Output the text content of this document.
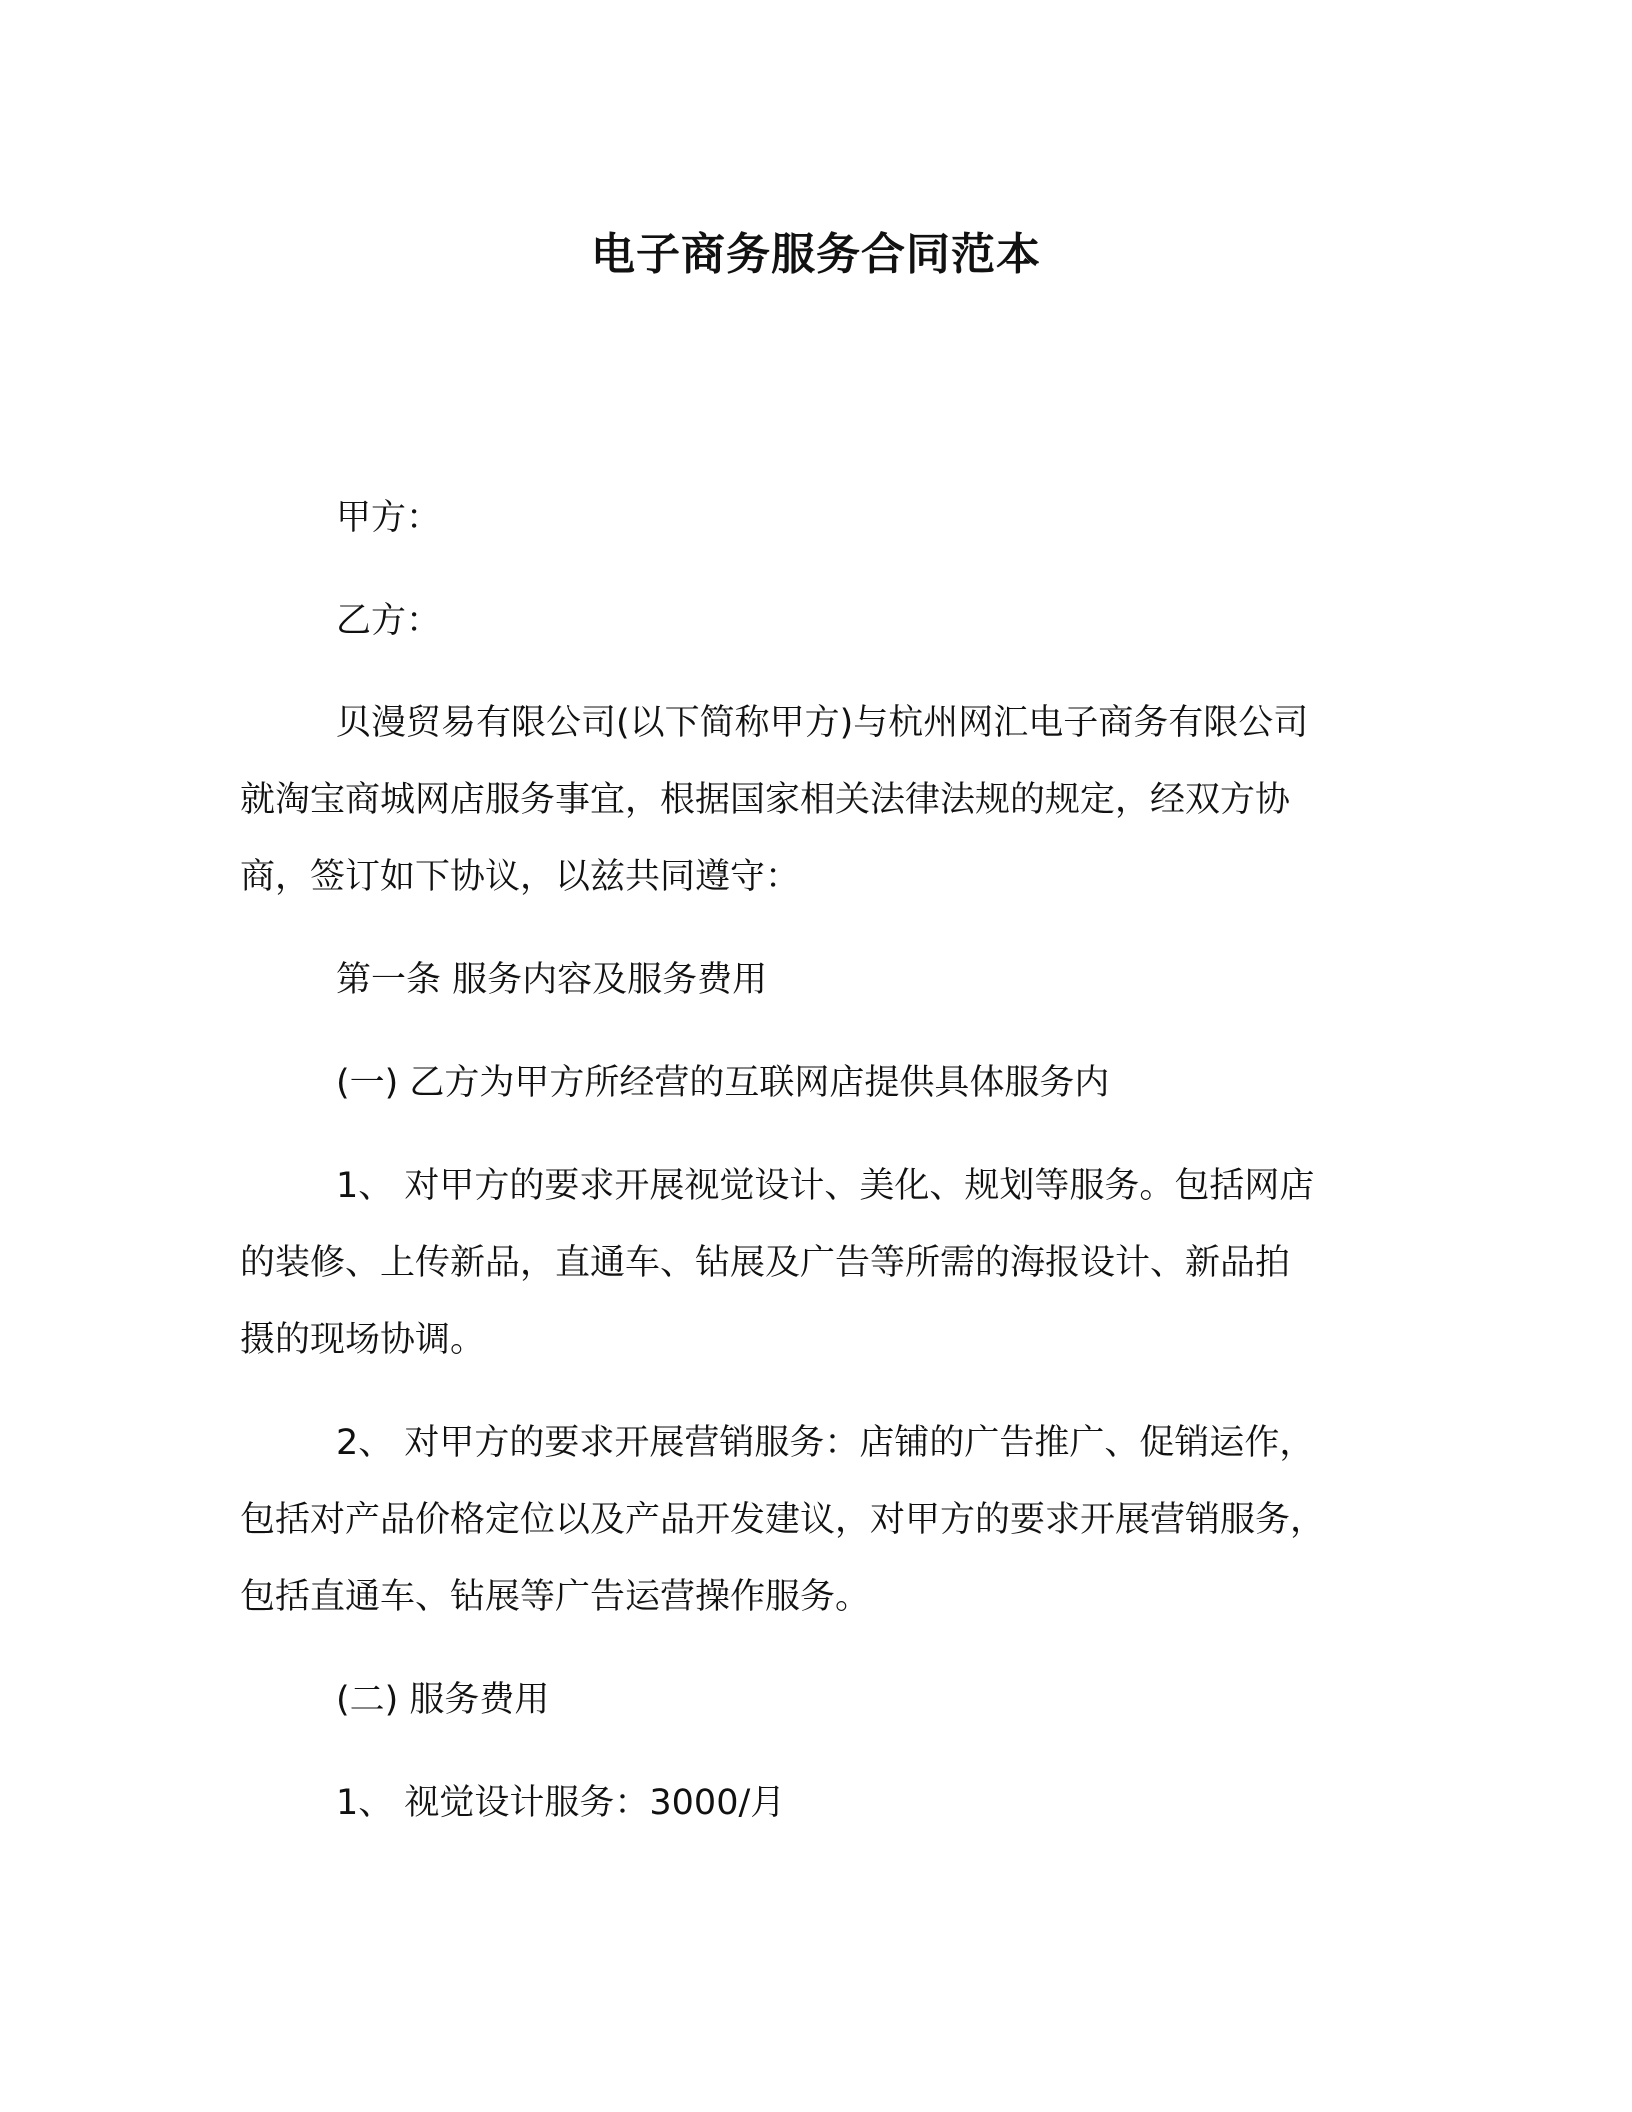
电子商务服务合同范本
甲方：
乙方：
贝漫贸易有限公司(以下简称甲方)与杭州网汇电子商务有限公司
就淘宝商城网店服务事宜，根据国家相关法律法规的规定，经双方协
商，签订如下协议，以兹共同遵守：
第一条 服务内容及服务费用
(一) 乙方为甲方所经营的互联网店提供具体服务内
1、 对甲方的要求开展视觉设计、美化、规划等服务。包括网店
的装修、上传新品，直通车、钻展及广告等所需的海报设计、新品拍
摄的现场协调。
2、 对甲方的要求开展营销服务：店铺的广告推广、促销运作，
包括对产品价格定位以及产品开发建议，对甲方的要求开展营销服务，
包括直通车、钻展等广告运营操作服务。
(二) 服务费用
1、 视觉设计服务：3000/月
